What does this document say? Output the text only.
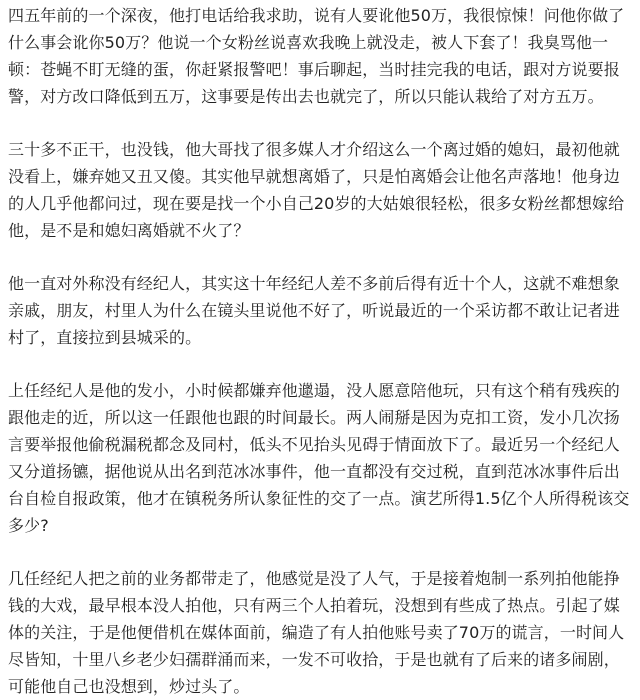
四五年前的一个深夜，他打电话给我求助，说有人要讹他50万，我很惊悚！问他你做了什么事会讹你50万？他说一个女粉丝说喜欢我晚上就没走，被人下套了！我臭骂他一顿：苍蝇不盯无缝的蛋，你赶紧报警吧！事后聊起，当时挂完我的电话，跟对方说要报警，对方改口降低到五万，这事要是传出去也就完了，所以只能认栽给了对方五万。

三十多不正干，也没钱，他大哥找了很多媒人才介绍这么一个离过婚的媳妇，最初他就没看上，嫌弃她又丑又傻。其实他早就想离婚了，只是怕离婚会让他名声落地！他身边的人几乎他都问过，现在要是找一个小自己20岁的大姑娘很轻松，很多女粉丝都想嫁给他，是不是和媳妇离婚就不火了？

他一直对外称没有经纪人，其实这十年经纪人差不多前后得有近十个人，这就不难想象亲戚，朋友，村里人为什么在镜头里说他不好了，听说最近的一个采访都不敢让记者进村了，直接拉到县城采的。

上任经纪人是他的发小，小时候都嫌弃他邋遢，没人愿意陪他玩，只有这个稍有残疾的跟他走的近，所以这一任跟他也跟的时间最长。两人闹掰是因为克扣工资，发小几次扬言要举报他偷税漏税都念及同村，低头不见抬头见碍于情面放下了。最近另一个经纪人又分道扬镳，据他说从出名到范冰冰事件，他一直都没有交过税，直到范冰冰事件后出台自检自报政策，他才在镇税务所认象征性的交了一点。演艺所得1.5亿个人所得税该交多少?

几任经纪人把之前的业务都带走了，他感觉是没了人气，于是接着炮制一系列拍他能挣钱的大戏，最早根本没人拍他，只有两三个人拍着玩，没想到有些成了热点。引起了媒体的关注，于是他便借机在媒体面前，编造了有人拍他账号卖了70万的谎言，一时间人尽皆知，十里八乡老少妇孺群涌而来，一发不可收拾，于是也就有了后来的诸多闹剧，可能他自己也没想到，炒过头了。
